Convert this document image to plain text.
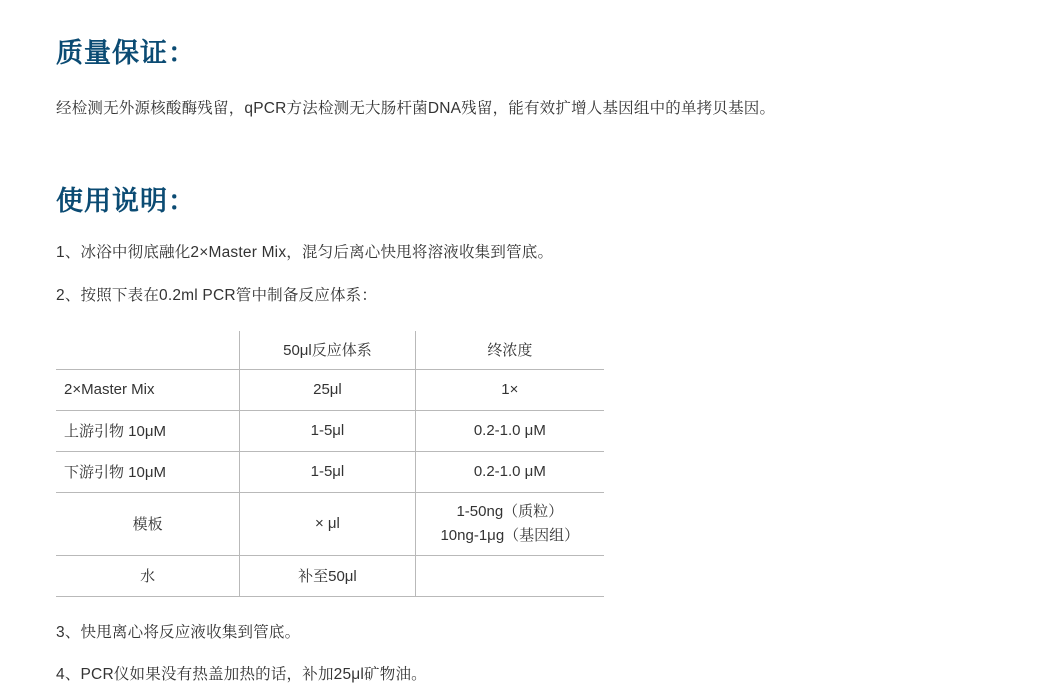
质量保证：

经检测无外源核酸酶残留，qPCR方法检测无大肠杆菌DNA残留，能有效扩增人基因组中的单拷贝基因。

使用说明：

1、冰浴中彻底融化2×Master Mix，混匀后离心快甩将溶液收集到管底。

2、按照下表在0.2ml PCR管中制备反应体系：

	50μl反应体系	终浓度
2×Master Mix	25μl	1×
上游引物 10μM	1-5μl	0.2-1.0 μM
下游引物 10μM	1-5μl	0.2-1.0 μM
模板	× μl	1-50ng（质粒）
10ng-1μg（基因组）

水	补至50μl	

3、快甩离心将反应液收集到管底。

4、PCR仪如果没有热盖加热的话，补加25μl矿物油。
